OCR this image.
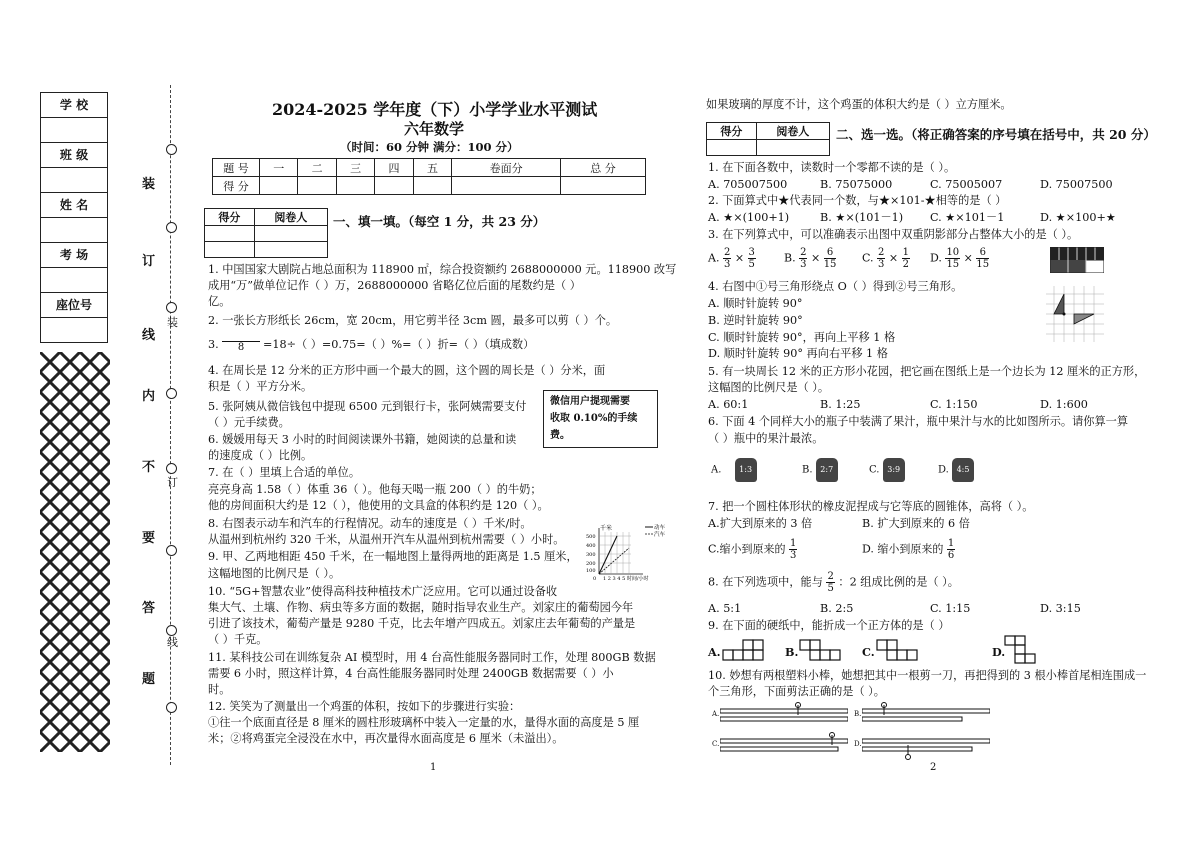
学 校
班 级
姓 名
考 场
座位号
装
订
线
内
不
要
答
题
装
订
线
2024-2025 学年度（下）小学学业水平测试
六年数学
（时间：60 分钟 满分：100 分）
题 号	一	二	三	四	五	卷面分	总 分
得 分							
得分	阅卷人

	一、填一填。（每空 1 分，共 23 分）
1. 中国国家大剧院占地总面积为 118900 ㎡，综合投资额约 2688000000 元。118900 改写
成用“万”做单位记作（ ）万，2688000000 省略亿位后面的尾数约是（ ）
亿。
2. 一张长方形纸长 26cm，宽 20cm，用它剪半径 3cm 圆，最多可以剪（ ）个。
3.	8	=18÷（ ）=0.75=（ ）%=（ ）折=（ ）（填成数）
4. 在周长是 12 分米的正方形中画一个最大的圆，这个圆的周长是（ ）分米，面
积是（ ）平方分米。
5. 张阿姨从微信钱包中提现 6500 元到银行卡，张阿姨需要支付
（ ）元手续费。
微信用户提现需要
收取 0.10%的手续
费。
6. 媛媛用每天 3 小时的时间阅读课外书籍，她阅读的总量和读
的速度成（ ）比例。
7. 在（ ）里填上合适的单位。
亮亮身高 1.58（ ）体重 36（ ）。他每天喝一瓶 200（ ）的牛奶；
他的房间面积大约是 12（ ），他使用的文具盒的体积约是 120（ ）。
8. 右图表示动车和汽车的行程情况。动车的速度是（ ）千米/时。
从温州到杭州约 320 千米，从温州开汽车从温州到杭州需要（ ）小时。
9. 甲、乙两地相距 450 千米，在一幅地图上量得两地的距离是 1.5 厘米，
这幅地图的比例尺是（ ）。
千米
500
400
300
200
100
0 1 2 3 4 5 时间/小时
动车
汽车
10. “5G+智慧农业”使得高科技种植技术广泛应用。它可以通过设备收
集大气、土壤、作物、病虫等多方面的数据，随时指导农业生产。刘家庄的葡萄园今年
引进了该技术，葡萄产量是 9280 千克，比去年增产四成五。刘家庄去年葡萄的产量是
（ ）千克。
11. 某科技公司在训练复杂 AI 模型时，用 4 台高性能服务器同时工作，处理 800GB 数据
需要 6 小时，照这样计算，4 台高性能服务器同时处理 2400GB 数据需要（ ）小
时。
12. 笑笑为了测量出一个鸡蛋的体积，按如下的步骤进行实验：
①往一个底面直径是 8 厘米的圆柱形玻璃杯中装入一定量的水，量得水面的高度是 5 厘
米；②将鸡蛋完全浸没在水中，再次量得水面高度是 6 厘米（未溢出）。
1
如果玻璃的厚度不计，这个鸡蛋的体积大约是（ ）立方厘米。
得分	阅卷人
	二、选一选。（将正确答案的序号填在括号中，共 20 分）
1. 在下面各数中，读数时一个零都不读的是（ ）。
A. 705007500	B. 75075000	C. 75005007	D. 75007500
2. 下面算式中★代表同一个数，与★×101-★相等的是（ ）
A. ★×(100+1)	B. ★×(101－1) C. ★×101－1	D. ★×100+★
3. 在下列算式中，可以准确表示出图中双重阴影部分占整体大小的是（ ）。
A. $\frac{2}{3} \times \frac{3}{5}$	B. $\frac{2}{3} \times \frac{6}{15} C$. $\frac{2}{3} \times \frac{1}{2} D$. $\frac{10}{15} \times \frac{6}{15}$
4. 右图中①号三角形绕点 O（ ）得到②号三角形。
A. 顺时针旋转 90°
B. 逆时针旋转 90°
C. 顺时针旋转 90°，再向上平移 1 格
D. 顺时针旋转 90° 再向右平移 1 格
5. 有一块周长 12 米的正方形小花园，把它画在图纸上是一个边长为 12 厘米的正方形，
这幅图的比例尺是（ ）。
A. 60:1	B. 1:25	C. 1:150	D. 1:600
6. 下面 4 个同样大小的瓶子中装满了果汁，瓶中果汁与水的比如图所示。请你算一算
（ ）瓶中的果汁最浓。
A. 1:3	B. 2:7	C. 3:9	D. 4:5
7. 把一个圆柱体形状的橡皮泥捏成与它等底的圆锥体，高将（ ）。
A.扩大到原来的 3 倍	B. 扩大到原来的 6 倍
C.缩小到原来的 $\frac{1}{3}$	D. 缩小到原来的 $\frac{1}{6}$
8. 在下列选项中，能与 $\frac{2}{5}$ ：2 组成比例的是（ ）。
A. 5:1	B. 2:5	C. 1:15	D. 3:15
9. 在下面的硬纸中，能折成一个正方体的是（ ）
A.	B.	C.	D.
10. 妙想有两根塑料小棒，她想把其中一根剪一刀，再把得到的 3 根小棒首尾相连围成一
个三角形，下面剪法正确的是（ ）。
A.	B.
C.	D.
2
